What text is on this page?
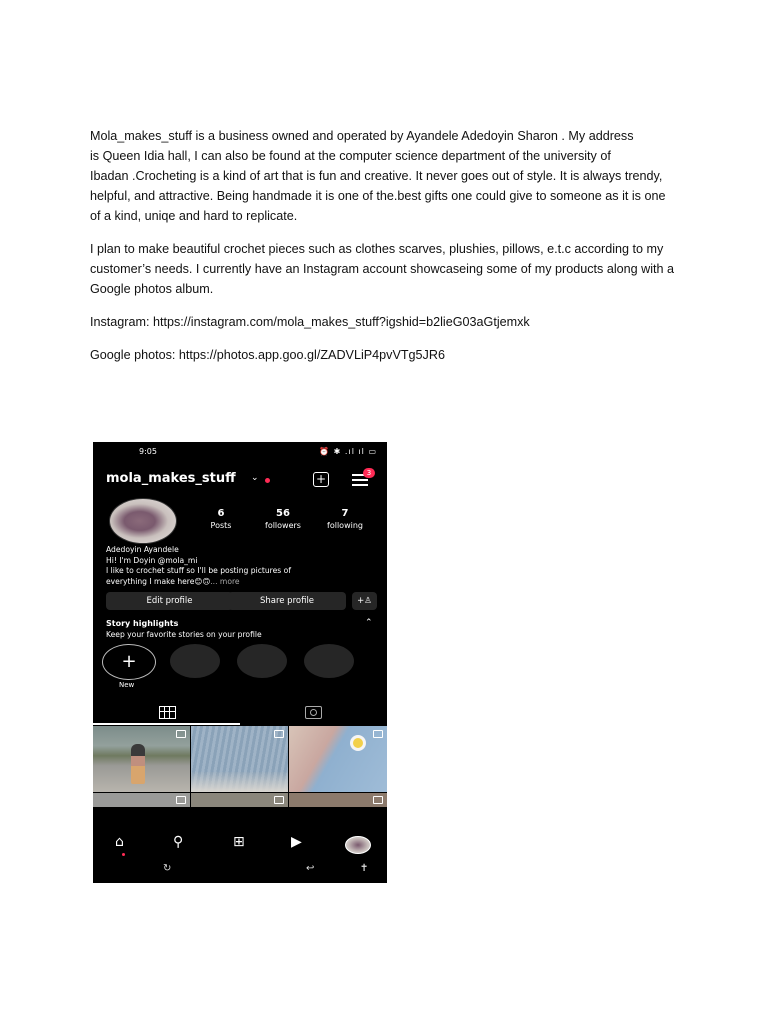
Mola_makes_stuff is a business owned and operated by Ayandele Adedoyin Sharon . My address
is Queen Idia hall, I can also be found at the computer science department of the university of
Ibadan .Crocheting is a kind of art that is fun and creative. It never goes out of style. It is always trendy,
helpful, and attractive. Being handmade it is one of the.best gifts one could give to someone as it is one
of a kind, uniqe and hard to replicate.

I plan to make beautiful crochet pieces such as clothes scarves, plushies, pillows, e.t.c according to my
customer’s needs. I currently have an Instagram account showcaseing some of my products along with a
Google photos album.

Instagram: https://instagram.com/mola_makes_stuff?igshid=b2lieG03aGtjemxk

Google photos: https://photos.app.goo.gl/ZADVLiP4pvVTg5JR6

9:05	⏰ ✱ .ıl ıl ▭
mola_makes_stuff ⌄	+	3
6
Posts
56
followers
7
following
Adedoyin Ayandele
Hi! I'm Doyin @mola_mi
I like to crochet stuff so I'll be posting pictures of
everything I make here😊🙃... more
Edit profile	Share profile	+♙
Story highlights
Keep your favorite stories on your profile
⌃
+
New
⌂	⚲	⊞	▶
↻	↩	✝
